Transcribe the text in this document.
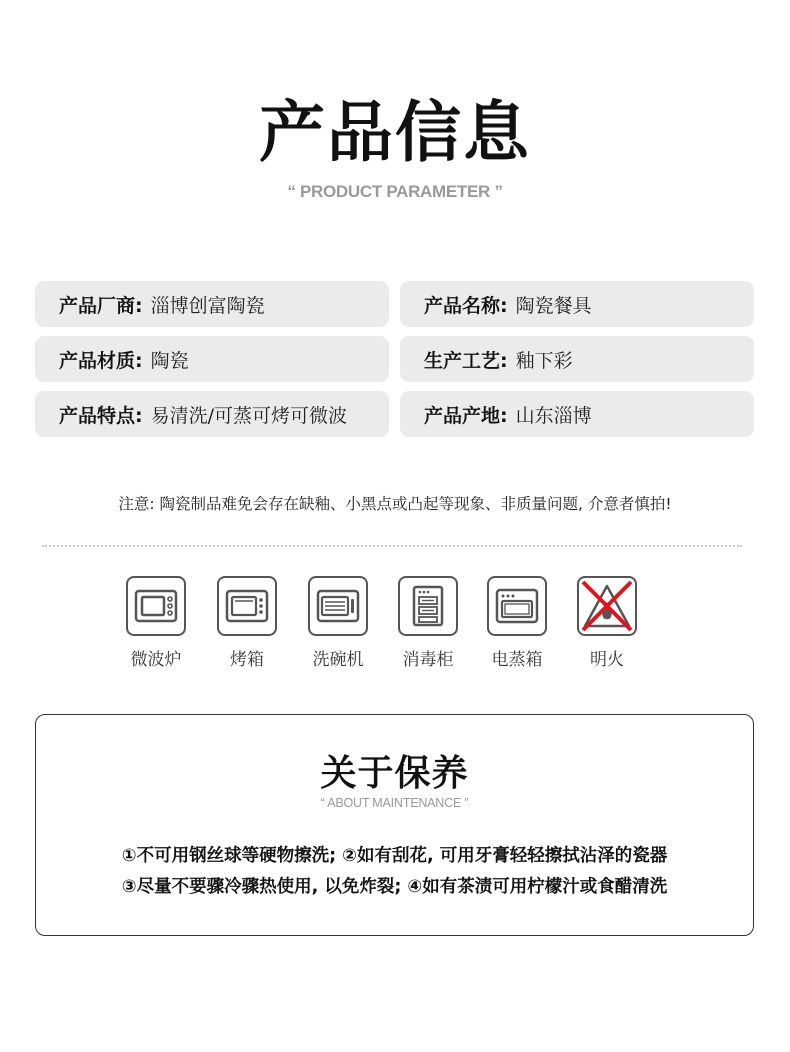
产品信息
“ PRODUCT PARAMETER ”
产品厂商: 淄博创富陶瓷	产品名称: 陶瓷餐具
产品材质: 陶瓷	生产工艺: 釉下彩
产品特点: 易清洗/可蒸可烤可微波	产品产地: 山东淄博
注意: 陶瓷制品难免会存在缺釉、小黑点或凸起等现象、非质量问题, 介意者慎拍!
微波炉	烤箱	洗碗机	消毒柜	电蒸箱	明火
关于保养
“ ABOUT MAINTENANCE ”
①不可用钢丝球等硬物擦洗; ②如有刮花, 可用牙膏轻轻擦拭沾泽的瓷器
③尽量不要骤冷骤热使用, 以免炸裂; ④如有茶渍可用柠檬汁或食醋清洗
